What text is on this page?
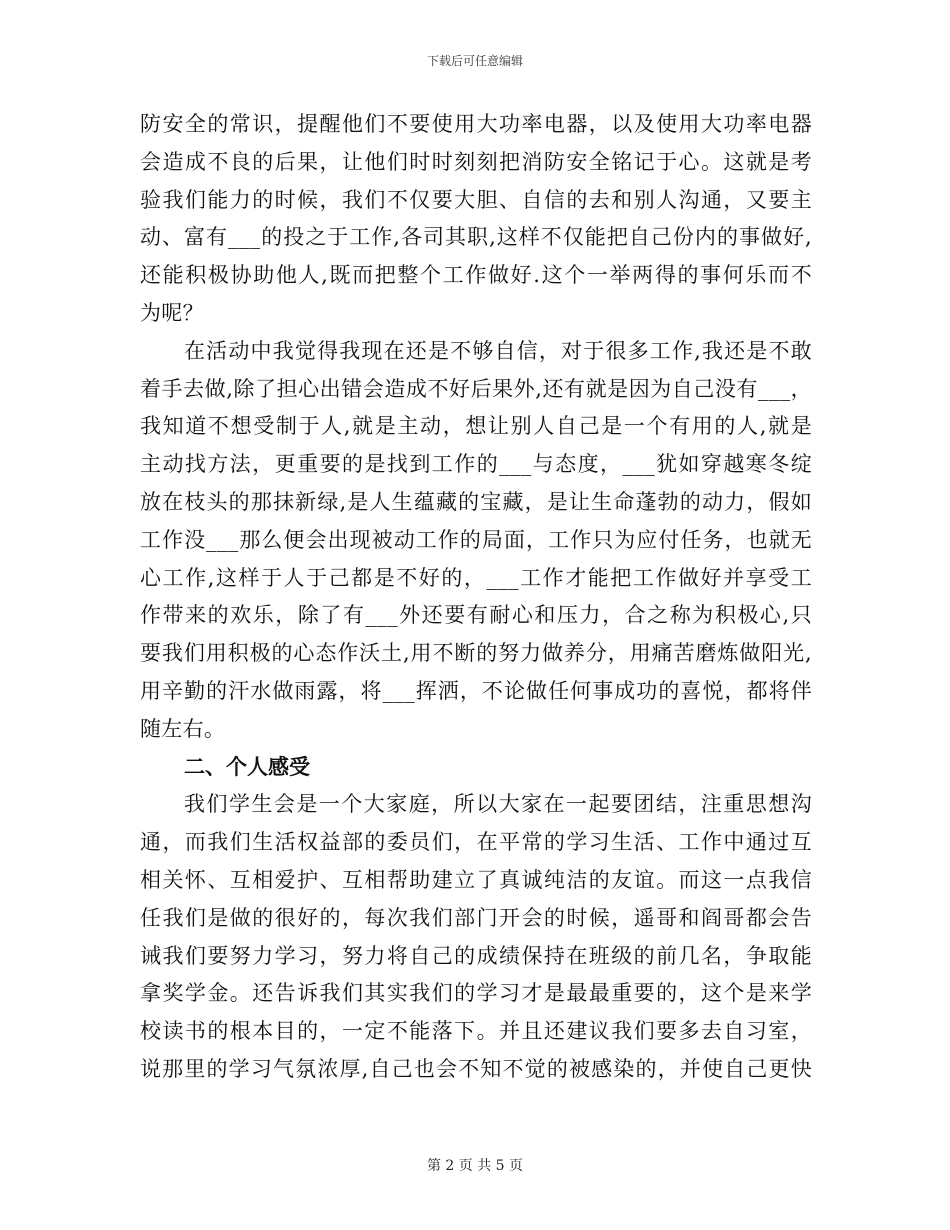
下载后可任意编辑
防安全的常识，提醒他们不要使用大功率电器，以及使用大功率电器
会造成不良的后果，让他们时时刻刻把消防安全铭记于心。这就是考
验我们能力的时候，我们不仅要大胆、自信的去和别人沟通，又要主
动、富有___的投之于工作,各司其职,这样不仅能把自己份内的事做好,
还能积极协助他人,既而把整个工作做好.这个一举两得的事何乐而不
为呢？
在活动中我觉得我现在还是不够自信，对于很多工作,我还是不敢
着手去做,除了担心出错会造成不好后果外,还有就是因为自己没有___，
我知道不想受制于人,就是主动，想让别人自己是一个有用的人,就是
主动找方法，更重要的是找到工作的___与态度，___犹如穿越寒冬绽
放在枝头的那抹新绿,是人生蕴藏的宝藏，是让生命蓬勃的动力，假如
工作没___那么便会出现被动工作的局面，工作只为应付任务，也就无
心工作,这样于人于己都是不好的，___工作才能把工作做好并享受工
作带来的欢乐，除了有___外还要有耐心和压力，合之称为积极心,只
要我们用积极的心态作沃土,用不断的努力做养分，用痛苦磨炼做阳光,
用辛勤的汗水做雨露，将___挥洒，不论做任何事成功的喜悦，都将伴
随左右。
二、个人感受
我们学生会是一个大家庭，所以大家在一起要团结，注重思想沟
通，而我们生活权益部的委员们，在平常的学习生活、工作中通过互
相关怀、互相爱护、互相帮助建立了真诚纯洁的友谊。而这一点我信
任我们是做的很好的，每次我们部门开会的时候，遥哥和阎哥都会告
诫我们要努力学习，努力将自己的成绩保持在班级的前几名，争取能
拿奖学金。还告诉我们其实我们的学习才是最最重要的，这个是来学
校读书的根本目的，一定不能落下。并且还建议我们要多去自习室，
说那里的学习气氛浓厚,自己也会不知不觉的被感染的，并使自己更快
第 2 页 共 5 页
